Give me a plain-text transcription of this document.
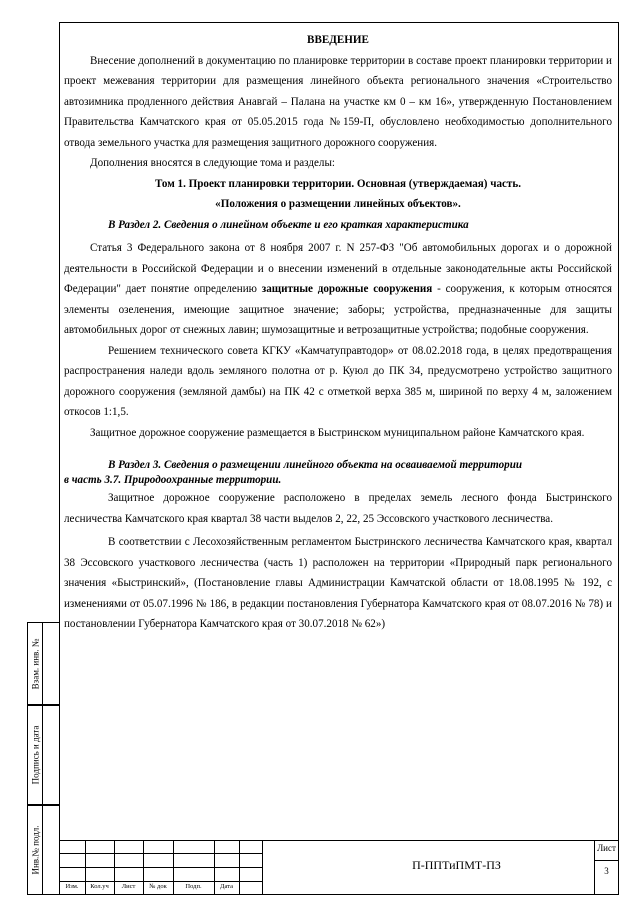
ВВЕДЕНИЕ

Внесение дополнений в документацию по планировке территории в составе проект планировки территории и проект межевания территории для размещения линейного объекта регионального значения «Строительство автозимника продленного действия Анавгай – Палана на участке км 0 – км 16», утвержденную Постановлением Правительства Камчатского края от 05.05.2015 года №159-П, обусловлено необходимостью дополнительного отвода земельного участка для размещения защитного дорожного сооружения.

Дополнения вносятся в следующие тома и разделы:

Том 1. Проект планировки территории. Основная (утверждаемая) часть.

«Положения о размещении линейных объектов».

В Раздел 2. Сведения о линейном объекте и его краткая характеристика

Статья 3 Федерального закона от 8 ноября 2007 г. N 257-ФЗ "Об автомобильных дорогах и о дорожной деятельности в Российской Федерации и о внесении изменений в отдельные законодательные акты Российской Федерации" дает понятие определению защитные дорожные сооружения - сооружения, к которым относятся элементы озеленения, имеющие защитное значение; заборы; устройства, предназначенные для защиты автомобильных дорог от снежных лавин; шумозащитные и ветрозащитные устройства; подобные сооружения.

Решением технического совета КГКУ «Камчатуправтодор» от 08.02.2018 года, в целях предотвращения распространения наледи вдоль земляного полотна от р. Куюл до ПК 34, предусмотрено устройство защитного дорожного сооружения (земляной дамбы) на ПК 42 с отметкой верха 385 м, шириной по верху 4 м, заложением откосов 1:1,5.

Защитное дорожное сооружение размещается в Быстринском муниципальном районе Камчатского края.

В Раздел 3. Сведения о размещении линейного объекта на осваиваемой территории

в часть 3.7. Природоохранные территории.

Защитное дорожное сооружение расположено в пределах земель лесного фонда Быстринского лесничества Камчатского края квартал 38 части выделов 2, 22, 25 Эссовского участкового лесничества.

В соответствии с Лесохозяйственным регламентом Быстринского лесничества Камчатского края, квартал 38 Эссовского участкового лесничества (часть 1) расположен на территории «Природный парк регионального значения «Быстринский», (Постановление главы Администрации Камчатской области от 18.08.1995 № 192, с изменениями от 05.07.1996 № 186, в редакции постановления Губернатора Камчатского края от 08.07.2016 № 78) и постановлении Губернатора Камчатского края от 30.07.2018 № 62»)

Взам. инв. №
Подпись и дата
Инв.№ подл.
Изм.	Кол.уч	Лист	№ док	Подп.	Дата
П-ППТиПМТ-ПЗ
Лист
3
